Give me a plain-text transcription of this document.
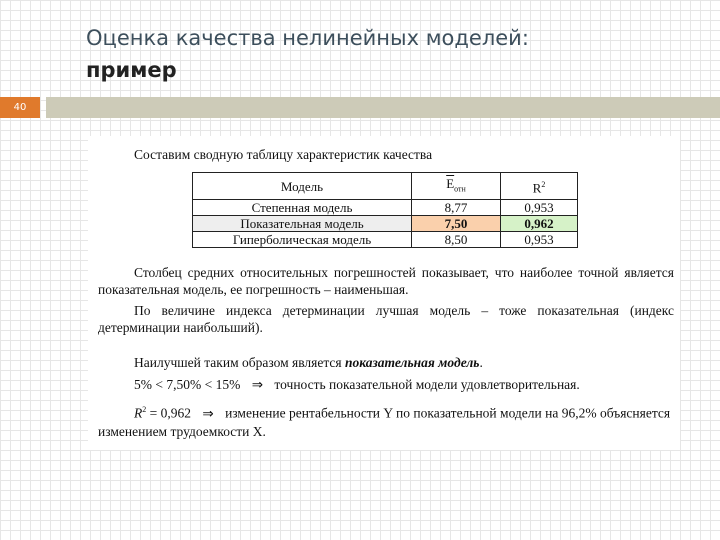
Оценка качества нелинейных моделей:
пример
40
Составим сводную таблицу характеристик качества
Модель	$\overline{E}_{отн}$	$R^2$
Степенная модель	8,77	0,953
Показательная модель	7,50	0,962
Гиперболическая модель	8,50	0,953
Столбец средних относительных погрешностей показывает, что наиболее точной является показательная модель, ее погрешность – наименьшая.
По величине индекса детерминации лучшая модель – тоже показательная (индекс детерминации наибольший).
Наилучшей таким образом является показательная модель.
5% < 7,50% < 15% ⇒ точность показательной модели удовлетворительная.
$R^2 = 0,962$ ⇒ изменение рентабельности Y по показательной модели на 96,2% объясняется
изменением трудоемкости X.
